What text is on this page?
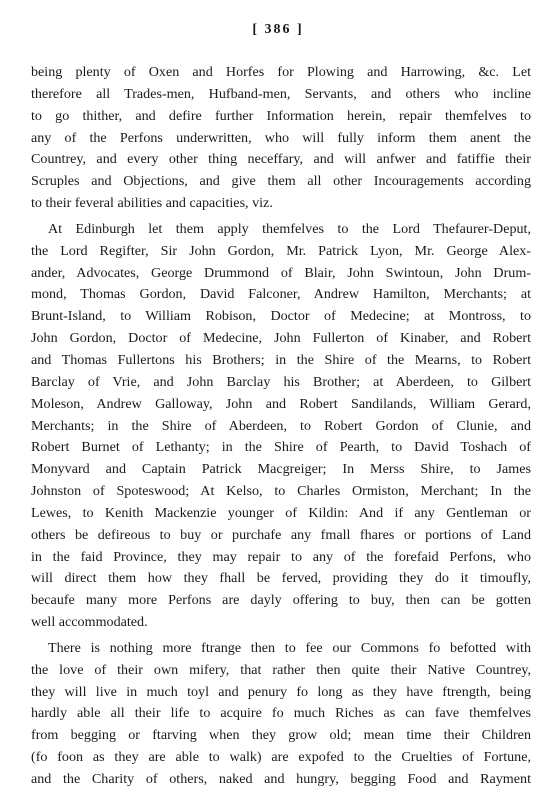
[ 386 ]
being plenty of Oxen and Horfes for Plowing and Harrowing, &c. Let
therefore all Trades-men, Hufband-men, Servants, and others who incline
to go thither, and defire further Information herein, repair themfelves to
any of the Perfons underwritten, who will fully inform them anent the
Countrey, and every other thing neceffary, and will anfwer and fatiffie their
Scruples and Objections, and give them all other Incouragements according
to their feveral abilities and capacities, viz.
At Edinburgh let them apply themfelves to the Lord Thefaurer-Deput,
the Lord Regifter, Sir John Gordon, Mr. Patrick Lyon, Mr. George Alex-
ander, Advocates, George Drummond of Blair, John Swintoun, John Drum-
mond, Thomas Gordon, David Falconer, Andrew Hamilton, Merchants; at
Brunt-Island, to William Robison, Doctor of Medecine; at Montross, to
John Gordon, Doctor of Medecine, John Fullerton of Kinaber, and Robert
and Thomas Fullertons his Brothers; in the Shire of the Mearns, to Robert
Barclay of Vrie, and John Barclay his Brother; at Aberdeen, to Gilbert
Moleson, Andrew Galloway, John and Robert Sandilands, William Gerard,
Merchants; in the Shire of Aberdeen, to Robert Gordon of Clunie, and
Robert Burnet of Lethanty; in the Shire of Pearth, to David Toshach of
Monyvard and Captain Patrick Macgreiger; In Merss Shire, to James
Johnston of Spoteswood; At Kelso, to Charles Ormiston, Merchant; In the
Lewes, to Kenith Mackenzie younger of Kildin: And if any Gentleman or
others be defireous to buy or purchafe any fmall fhares or portions of Land
in the faid Province, they may repair to any of the forefaid Perfons, who
will direct them how they fhall be ferved, providing they do it timoufly,
becaufe many more Perfons are dayly offering to buy, then can be gotten
well accommodated.
There is nothing more ftrange then to fee our Commons fo befotted with
the love of their own mifery, that rather then quite their Native Countrey,
they will live in much toyl and penury fo long as they have ftrength, being
hardly able all their life to acquire fo much Riches as can fave themfelves
from begging or ftarving when they grow old; mean time their Children
(fo foon as they are able to walk) are expofed to the Cruelties of Fortune,
and the Charity of others, naked and hungry, begging Food and Rayment
